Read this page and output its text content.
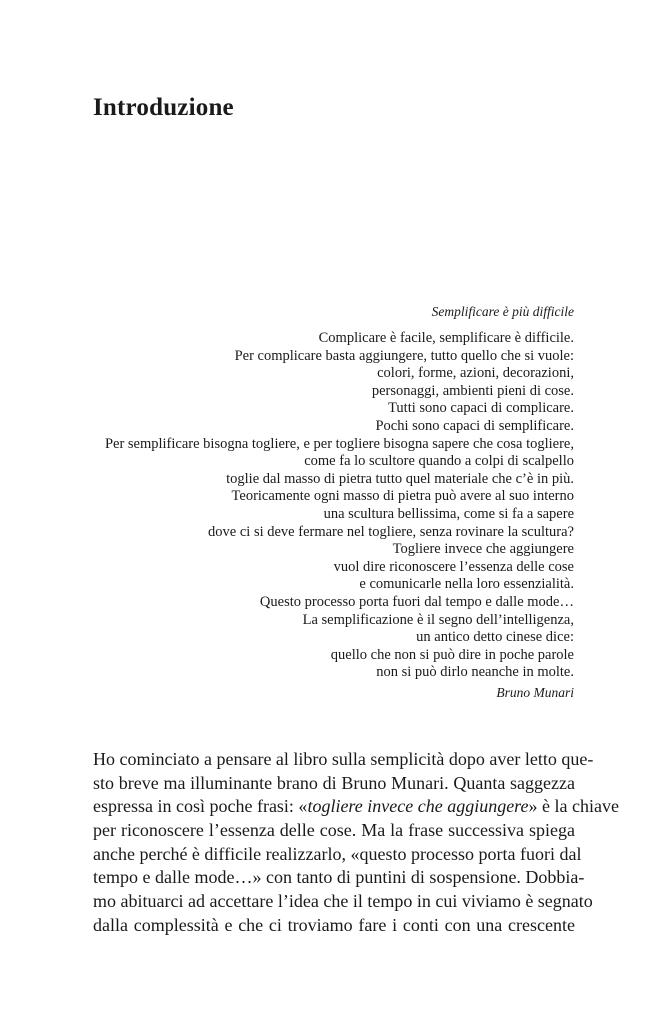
Introduzione
Semplificare è più difficile
Complicare è facile, semplificare è difficile.
Per complicare basta aggiungere, tutto quello che si vuole:
colori, forme, azioni, decorazioni,
personaggi, ambienti pieni di cose.
Tutti sono capaci di complicare.
Pochi sono capaci di semplificare.
Per semplificare bisogna togliere, e per togliere bisogna sapere che cosa togliere,
come fa lo scultore quando a colpi di scalpello
toglie dal masso di pietra tutto quel materiale che c’è in più.
Teoricamente ogni masso di pietra può avere al suo interno
una scultura bellissima, come si fa a sapere
dove ci si deve fermare nel togliere, senza rovinare la scultura?
Togliere invece che aggiungere
vuol dire riconoscere l’essenza delle cose
e comunicarle nella loro essenzialità.
Questo processo porta fuori dal tempo e dalle mode…
La semplificazione è il segno dell’intelligenza,
un antico detto cinese dice:
quello che non si può dire in poche parole
non si può dirlo neanche in molte.
Bruno Munari
Ho cominciato a pensare al libro sulla semplicità dopo aver letto que-
sto breve ma illuminante brano di Bruno Munari. Quanta saggezza
espressa in così poche frasi: «togliere invece che aggiungere» è la chiave
per riconoscere l’essenza delle cose. Ma la frase successiva spiega
anche perché è difficile realizzarlo, «questo processo porta fuori dal
tempo e dalle mode…» con tanto di puntini di sospensione. Dobbia-
mo abituarci ad accettare l’idea che il tempo in cui viviamo è segnato
dalla complessità e che ci troviamo fare i conti con una crescente
